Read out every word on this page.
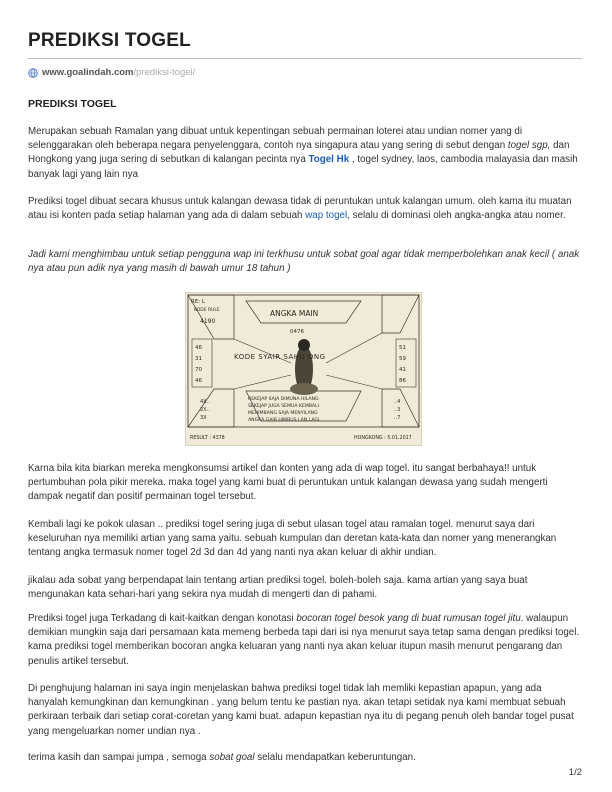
PREDIKSI TOGEL
www.goalindah.com/prediksi-togel/
PREDIKSI TOGEL

Merupakan sebuah Ramalan yang dibuat untuk kepentingan sebuah permainan loterei atau undian nomer yang di selenggarakan oleh beberapa negara penyelenggara, contoh nya singapura atau yang sering di sebut dengan togel sgp, dan Hongkong yang juga sering di sebutkan di kalangan pecinta nya Togel Hk , togel sydney, laos, cambodia malayasia dan masih banyak lagi yang lain nya

Prediksi togel dibuat secara khusus untuk kalangan dewasa tidak di peruntukan untuk kalangan umum. oleh kama itu muatan atau isi konten pada setiap halaman yang ada di dalam sebuah wap togel, selalu di dominasi oleh angka-angka atau nomer.

Jadi kami menghimbau untuk setiap pengguna wap ini terkhusu untuk sobat goal agar tidak memperbolehkan anak kecil ( anak nya atau pun adik nya yang masih di bawah umur 18 tahun )

RE: L
KODE RULE
4190
ANGKA MAIN
0476
KODE SYAIR SAHU ONG
46
31
70
46
51
59
41
86
REKEJAP SAJA DIMUNA HILANG
SEKEJAP JUGA SEMUA KEMBALI
MENIMBANG SAJA MENYILANG
ANGKA GAIB HIMBUS LAN LAGI
4X..
2X..
3X
..4
..3
..7
RESULT : 4378	HONGKONG : 5.01.2017

Karna bila kita biarkan mereka mengkonsumsi artikel dan konten yang ada di wap togel. itu sangat berbahaya!! untuk pertumbuhan pola pikir mereka. maka togel yang kami buat di peruntukan untuk kalangan dewasa yang sudah mengerti dampak negatif dan positif permainan togel tersebut.

Kembali lagi ke pokok ulasan .. prediksi togel sering juga di sebut ulasan togel atau ramalan togel. menurut saya dari keseluruhan nya memiliki artian yang sama yaitu. sebuah kumpulan dan deretan kata-kata dan nomer yang menerangkan tentang angka termasuk nomer togel 2d 3d dan 4d yang nanti nya akan keluar di akhir undian.

jikalau ada sobat yang berpendapat lain tentang artian prediksi togel. boleh-boleh saja. kama artian yang saya buat mengunakan kata sehari-hari yang sekira nya mudah di mengerti dan di pahami.

Prediksi togel juga Terkadang di kait-kaitkan dengan konotasi bocoran togel besok yang di buat rumusan togel jitu. walaupun demikian mungkin saja dari persamaan kata memeng berbeda tapi dari isi nya menurut saya tetap sama dengan prediksi togel. kama prediksi togel memberikan bocoran angka keluaran yang nanti nya akan keluar itupun masih menurut pengarang dan penulis artikel tersebut.

Di penghujung halaman ini saya ingin menjelaskan bahwa prediksi togel tidak lah memliki kepastian apapun, yang ada hanyalah kemungkinan dan kemungkinan . yang belum tentu ke pastian nya. akan tetapi setidak nya kami membuat sebuah perkiraan terbaik dari setiap corat-coretan yang kami buat. adapun kepastian nya itu di pegang penuh oleh bandar togel pusat yang mengeluarkan nomer undian nya .

terima kasih dan sampai jumpa , semoga sobat goal selalu mendapatkan keberuntungan.

1/2
